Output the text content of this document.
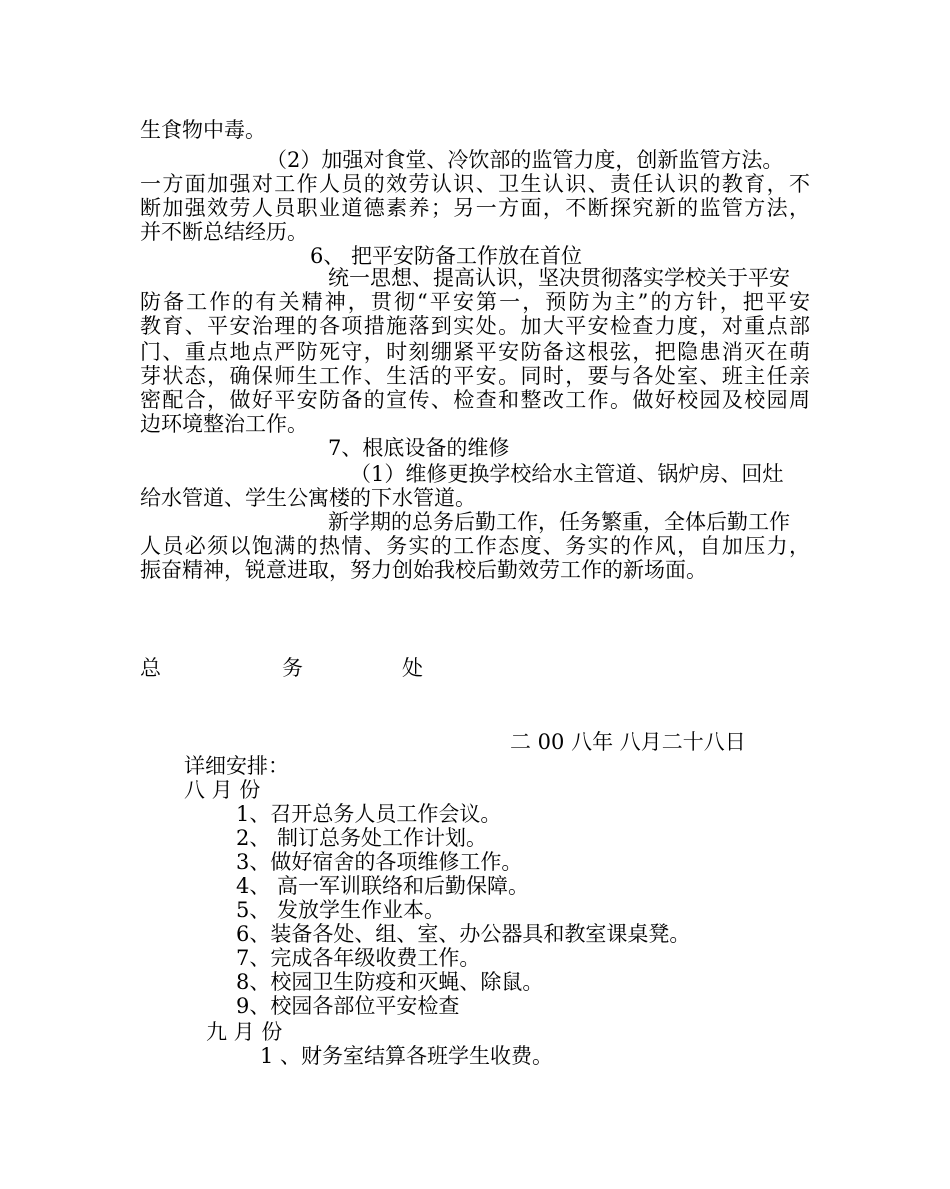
生食物中毒。
（2）加强对食堂、冷饮部的监管力度，创新监管方法。
一方面加强对工作人员的效劳认识、卫生认识、责任认识的教育，不
断加强效劳人员职业道德素养；另一方面，不断探究新的监管方法，
并不断总结经历。
6、 把平安防备工作放在首位
统一思想、提高认识，坚决贯彻落实学校关于平安
防备工作的有关精神，贯彻“平安第一，预防为主”的方针，把平安
教育、平安治理的各项措施落到实处。加大平安检查力度，对重点部
门、重点地点严防死守，时刻绷紧平安防备这根弦，把隐患消灭在萌
芽状态，确保师生工作、生活的平安。同时，要与各处室、班主任亲
密配合，做好平安防备的宣传、检查和整改工作。做好校园及校园周
边环境整治工作。
7、根底设备的维修
（1）维修更换学校给水主管道、锅炉房、回灶
给水管道、学生公寓楼的下水管道。
新学期的总务后勤工作，任务繁重，全体后勤工作
人员必须以饱满的热情、务实的工作态度、务实的作风，自加压力，
振奋精神，锐意进取，努力创始我校后勤效劳工作的新场面。
总	务	处
二 00 八年 八月二十八日
详细安排：
八 月 份
1、召开总务人员工作会议。
2、 制订总务处工作计划。
3、做好宿舍的各项维修工作。
4、 高一军训联络和后勤保障。
5、 发放学生作业本。
6、装备各处、组、室、办公器具和教室课桌凳。
7、完成各年级收费工作。
8、校园卫生防疫和灭蝇、除鼠。
9、校园各部位平安检查
九 月 份
1 、财务室结算各班学生收费。
